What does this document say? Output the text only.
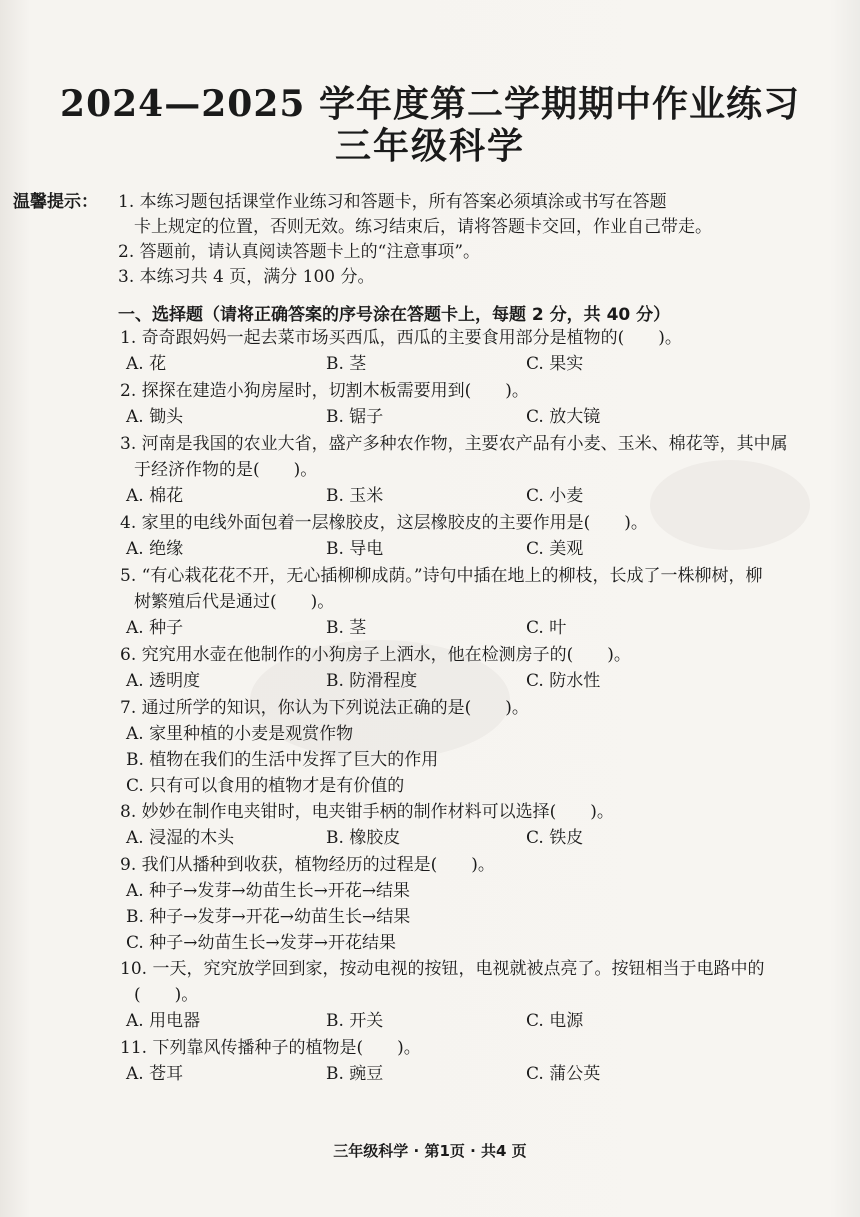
2024—2025 学年度第二学期期中作业练习
三年级科学
温馨提示： 1. 本练习题包括课堂作业练习和答题卡，所有答案必须填涂或书写在答题
卡上规定的位置，否则无效。练习结束后，请将答题卡交回，作业自己带走。
2. 答题前，请认真阅读答题卡上的“注意事项”。
3. 本练习共 4 页，满分 100 分。
一、选择题（请将正确答案的序号涂在答题卡上，每题 2 分，共 40 分）
1. 奇奇跟妈妈一起去菜市场买西瓜，西瓜的主要食用部分是植物的(　　)。
A. 花	B. 茎	C. 果实
2. 探探在建造小狗房屋时，切割木板需要用到(　　)。
A. 锄头	B. 锯子	C. 放大镜
3. 河南是我国的农业大省，盛产多种农作物，主要农产品有小麦、玉米、棉花等，其中属
于经济作物的是(　　)。
A. 棉花	B. 玉米	C. 小麦
4. 家里的电线外面包着一层橡胶皮，这层橡胶皮的主要作用是(　　)。
A. 绝缘	B. 导电	C. 美观
5. “有心栽花花不开，无心插柳柳成荫。”诗句中插在地上的柳枝，长成了一株柳树，柳
树繁殖后代是通过(　　)。
A. 种子	B. 茎	C. 叶
6. 究究用水壶在他制作的小狗房子上洒水，他在检测房子的(　　)。
A. 透明度	B. 防滑程度	C. 防水性
7. 通过所学的知识，你认为下列说法正确的是(　　)。
A. 家里种植的小麦是观赏作物
B. 植物在我们的生活中发挥了巨大的作用
C. 只有可以食用的植物才是有价值的
8. 妙妙在制作电夹钳时，电夹钳手柄的制作材料可以选择(　　)。
A. 浸湿的木头	B. 橡胶皮	C. 铁皮
9. 我们从播种到收获，植物经历的过程是(　　)。
A. 种子→发芽→幼苗生长→开花→结果
B. 种子→发芽→开花→幼苗生长→结果
C. 种子→幼苗生长→发芽→开花结果
10. 一天，究究放学回到家，按动电视的按钮，电视就被点亮了。按钮相当于电路中的
(　　)。
A. 用电器	B. 开关	C. 电源
11. 下列靠风传播种子的植物是(　　)。
A. 苍耳	B. 豌豆	C. 蒲公英
三年级科学 · 第1页 · 共4 页
